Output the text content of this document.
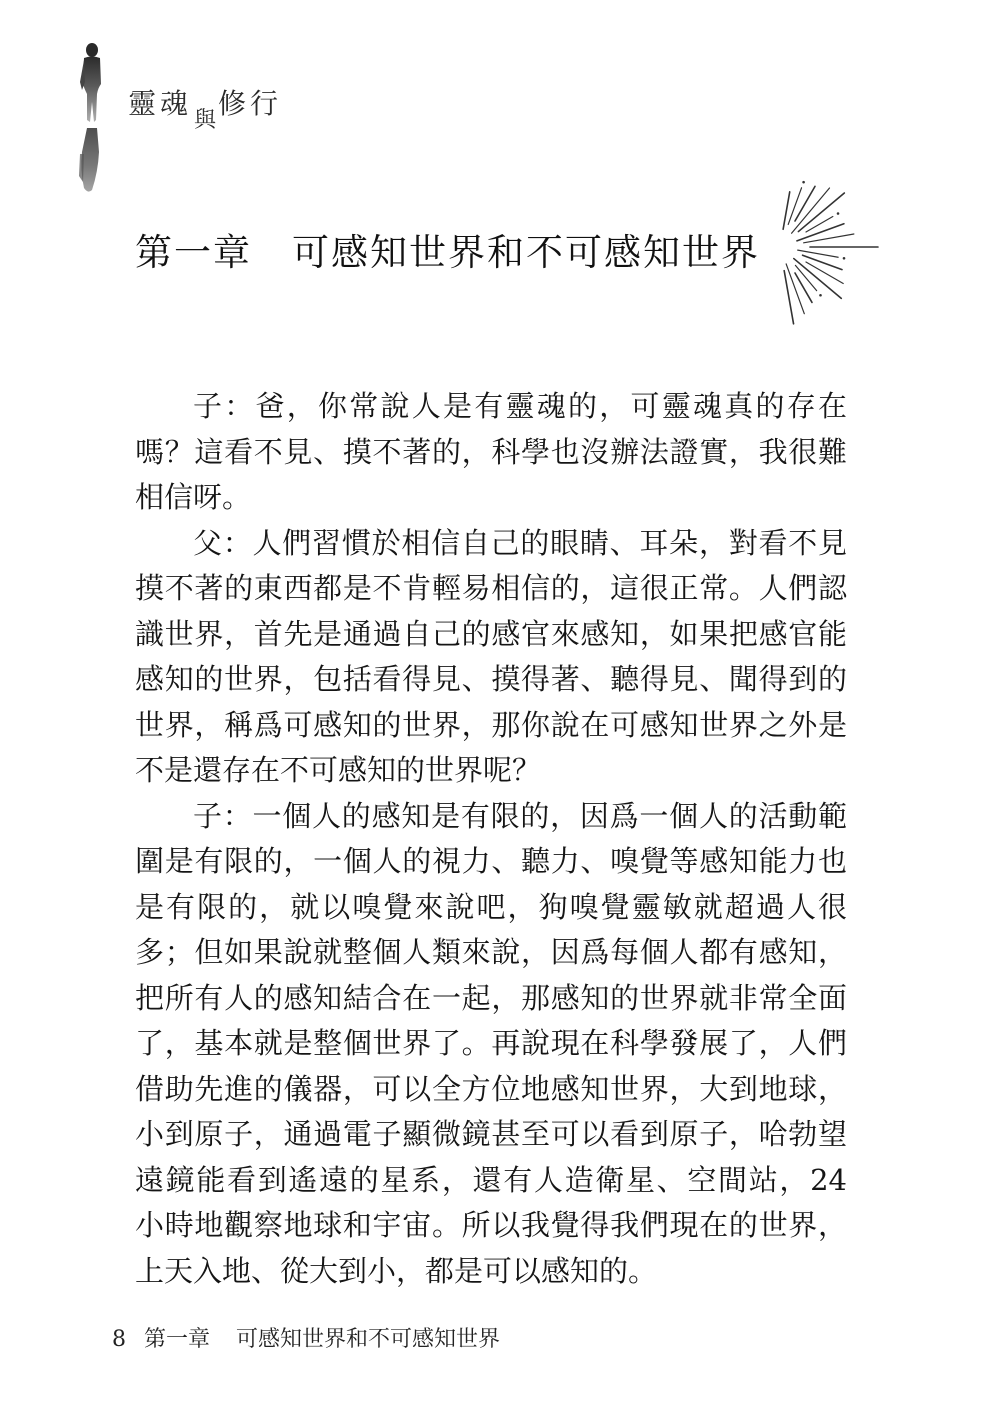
靈魂與修行
第一章 可感知世界和不可感知世界

子：爸，你常說人是有靈魂的，可靈魂真的存在嗎？這看不見、摸不著的，科學也沒辦法證實，我很難相信呀。

父：人們習慣於相信自己的眼睛、耳朵，對看不見摸不著的東西都是不肯輕易相信的，這很正常。人們認識世界，首先是通過自己的感官來感知，如果把感官能感知的世界，包括看得見、摸得著、聽得見、聞得到的世界，稱爲可感知的世界，那你說在可感知世界之外是不是還存在不可感知的世界呢？

子：一個人的感知是有限的，因爲一個人的活動範圍是有限的，一個人的視力、聽力、嗅覺等感知能力也是有限的，就以嗅覺來說吧，狗嗅覺靈敏就超過人很多；但如果說就整個人類來說，因爲每個人都有感知，把所有人的感知結合在一起，那感知的世界就非常全面了，基本就是整個世界了。再說現在科學發展了，人們借助先進的儀器，可以全方位地感知世界，大到地球，小到原子，通過電子顯微鏡甚至可以看到原子，哈勃望遠鏡能看到遙遠的星系，還有人造衛星、空間站，24 小時地觀察地球和宇宙。所以我覺得我們現在的世界，上天入地、從大到小，都是可以感知的。

8 第一章 可感知世界和不可感知世界
